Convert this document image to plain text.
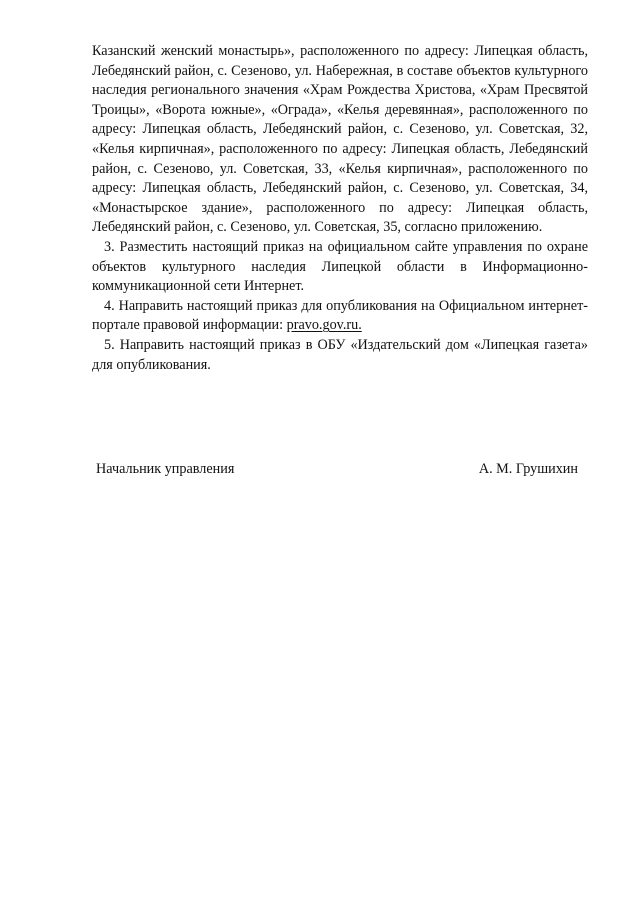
Казанский женский монастырь», расположенного по адресу: Липецкая область, Лебедянский район, с. Сезеново, ул. Набережная, в составе объектов культурного наследия регионального значения «Храм Рождества Христова, «Храм Пресвятой Троицы», «Ворота южные», «Ограда», «Келья деревянная», расположенного по адресу: Липецкая область, Лебедянский район, с. Сезеново, ул. Советская, 32, «Келья кирпичная», расположенного по адресу: Липецкая область, Лебедянский район, с. Сезеново, ул. Советская, 33, «Келья кирпичная», расположенного по адресу: Липецкая область, Лебедянский район, с. Сезеново, ул. Советская, 34, «Монастырское здание», расположенного по адресу: Липецкая область, Лебедянский район, с. Сезеново, ул. Советская, 35, согласно приложению.

3. Разместить настоящий приказ на официальном сайте управления по охране объектов культурного наследия Липецкой области в Информационно-коммуникационной сети Интернет.

4. Направить настоящий приказ для опубликования на Официальном интернет-портале правовой информации: pravo.gov.ru.

5. Направить настоящий приказ в ОБУ «Издательский дом «Липецкая газета» для опубликования.

Начальник управления	А. М. Грушихин
